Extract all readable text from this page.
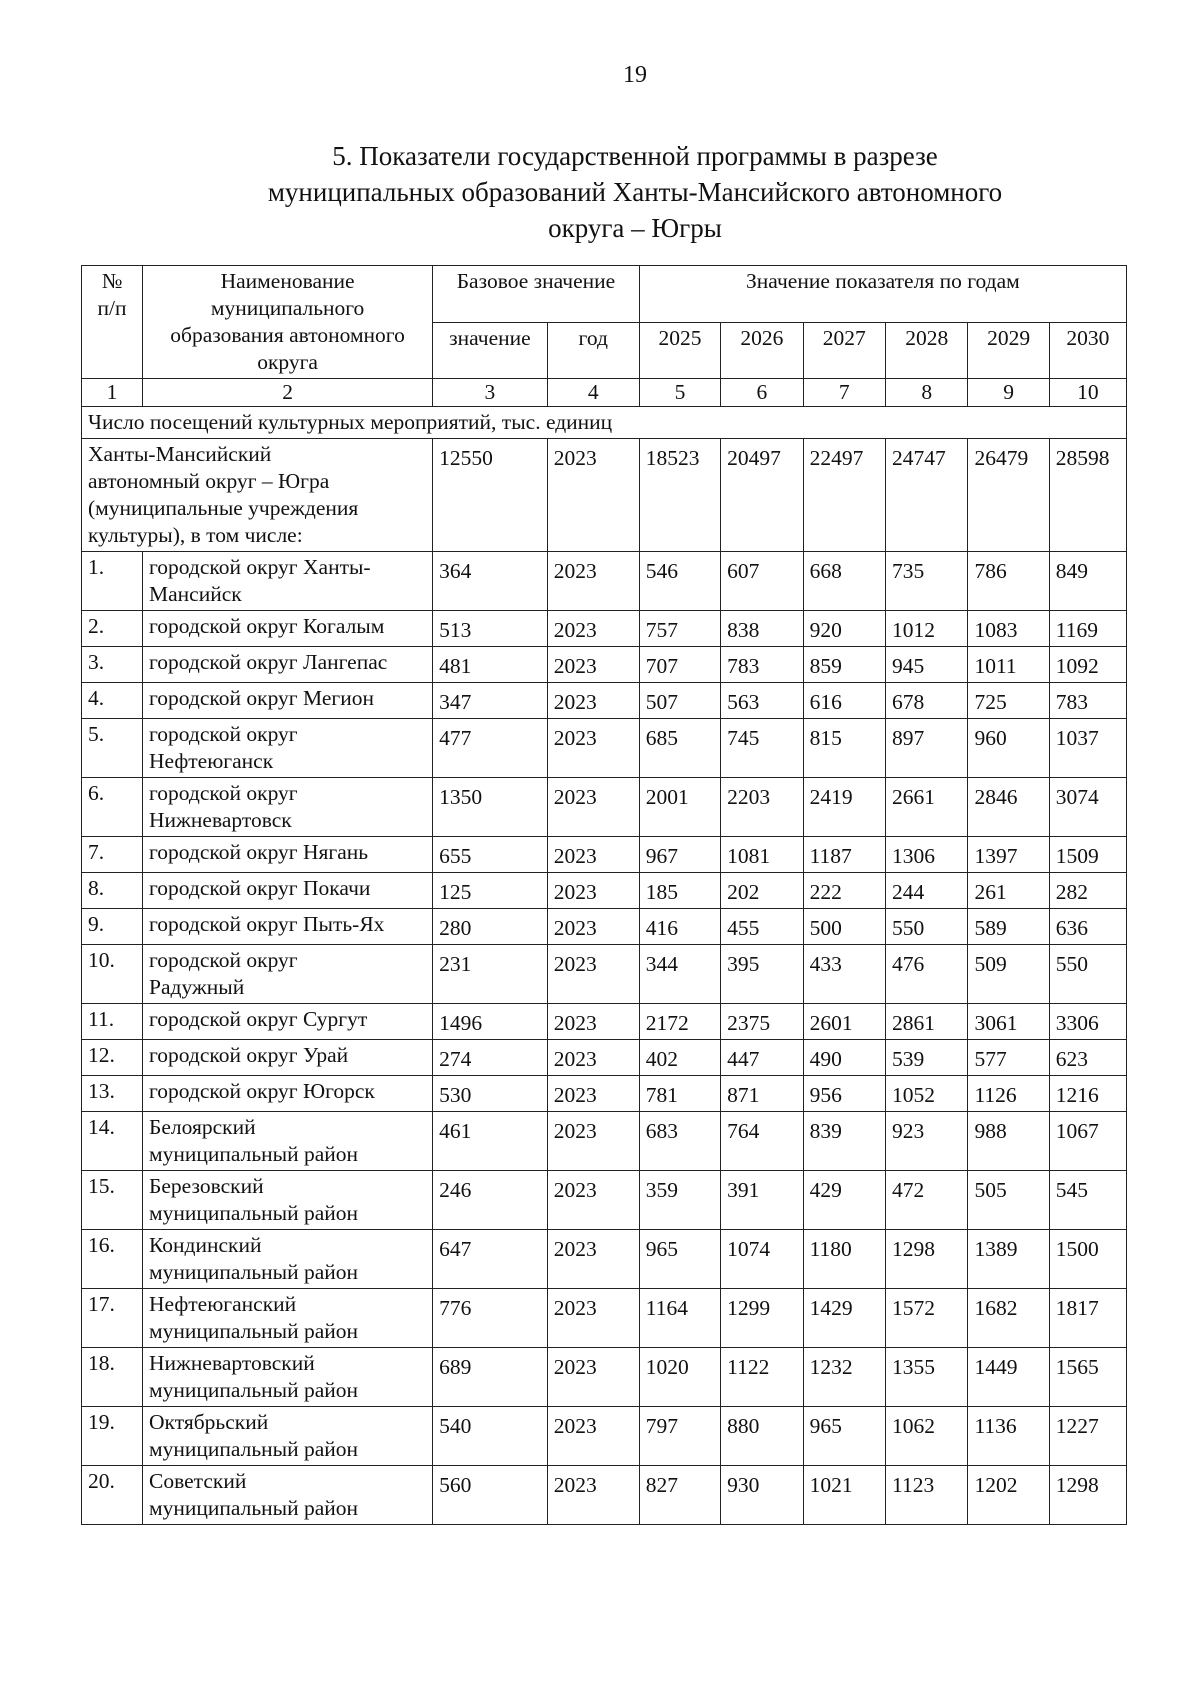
19
5. Показатели государственной программы в разрезе
муниципальных образований Ханты-Мансийского автономного
округа – Югры
№
п/п	Наименование
муниципального
образования автономного
округа	Базовое значение		Значение показателя по годам					
		значение	год	2025	2026	2027	2028	2029	2030
1	2	3	4	5	6	7	8	9	10
Число посещений культурных мероприятий, тыс. единиц									
Ханты-Мансийский
автономный округ – Югра
(муниципальные учреждения
культуры), в том числе:		12550	2023	18523	20497	22497	24747	26479	28598
1.	городской округ Ханты-
Мансийск	364	2023	546	607	668	735	786	849
2.	городской округ Когалым	513	2023	757	838	920	1012	1083	1169
3.	городской округ Лангепас	481	2023	707	783	859	945	1011	1092
4.	городской округ Мегион	347	2023	507	563	616	678	725	783
5.	городской округ
Нефтеюганск	477	2023	685	745	815	897	960	1037
6.	городской округ
Нижневартовск	1350	2023	2001	2203	2419	2661	2846	3074
7.	городской округ Нягань	655	2023	967	1081	1187	1306	1397	1509
8.	городской округ Покачи	125	2023	185	202	222	244	261	282
9.	городской округ Пыть-Ях	280	2023	416	455	500	550	589	636
10.	городской округ
Радужный	231	2023	344	395	433	476	509	550
11.	городской округ Сургут	1496	2023	2172	2375	2601	2861	3061	3306
12.	городской округ Урай	274	2023	402	447	490	539	577	623
13.	городской округ Югорск	530	2023	781	871	956	1052	1126	1216
14.	Белоярский
муниципальный район	461	2023	683	764	839	923	988	1067
15.	Березовский
муниципальный район	246	2023	359	391	429	472	505	545
16.	Кондинский
муниципальный район	647	2023	965	1074	1180	1298	1389	1500
17.	Нефтеюганский
муниципальный район	776	2023	1164	1299	1429	1572	1682	1817
18.	Нижневартовский
муниципальный район	689	2023	1020	1122	1232	1355	1449	1565
19.	Октябрьский
муниципальный район	540	2023	797	880	965	1062	1136	1227
20.	Советский
муниципальный район	560	2023	827	930	1021	1123	1202	1298
